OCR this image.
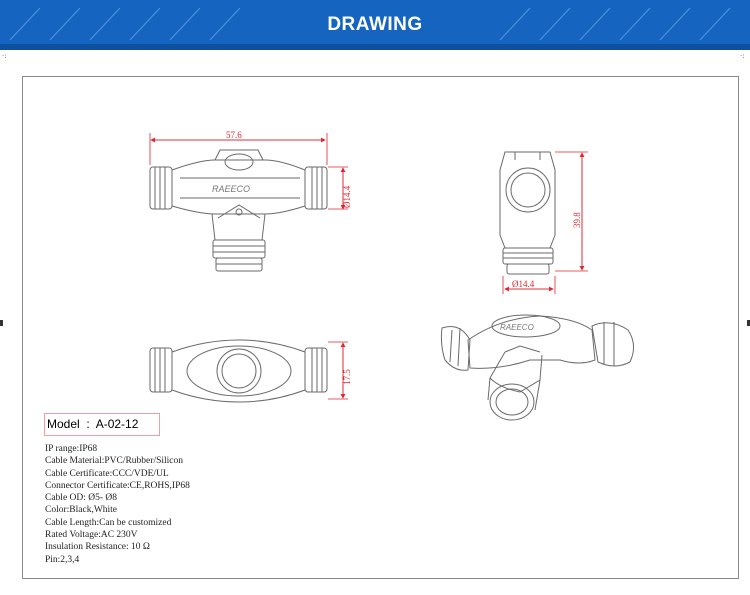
DRAWING
RAEECO
57.6
Ø14.4
39.8
Ø14.4
17.5
RAEECO
·:	·:
Model  :  A-02-12
IP range:IP68
Cable Material:PVC/Rubber/Silicon
Cable Certificate:CCC/VDE/UL
Connector Certificate:CE,ROHS,IP68
Cable OD: Ø5- Ø8
Color:Black,White
Cable Length:Can be customized
Rated Voltage:AC 230V
Insulation Resistance: 10 Ω
Pin:2,3,4
